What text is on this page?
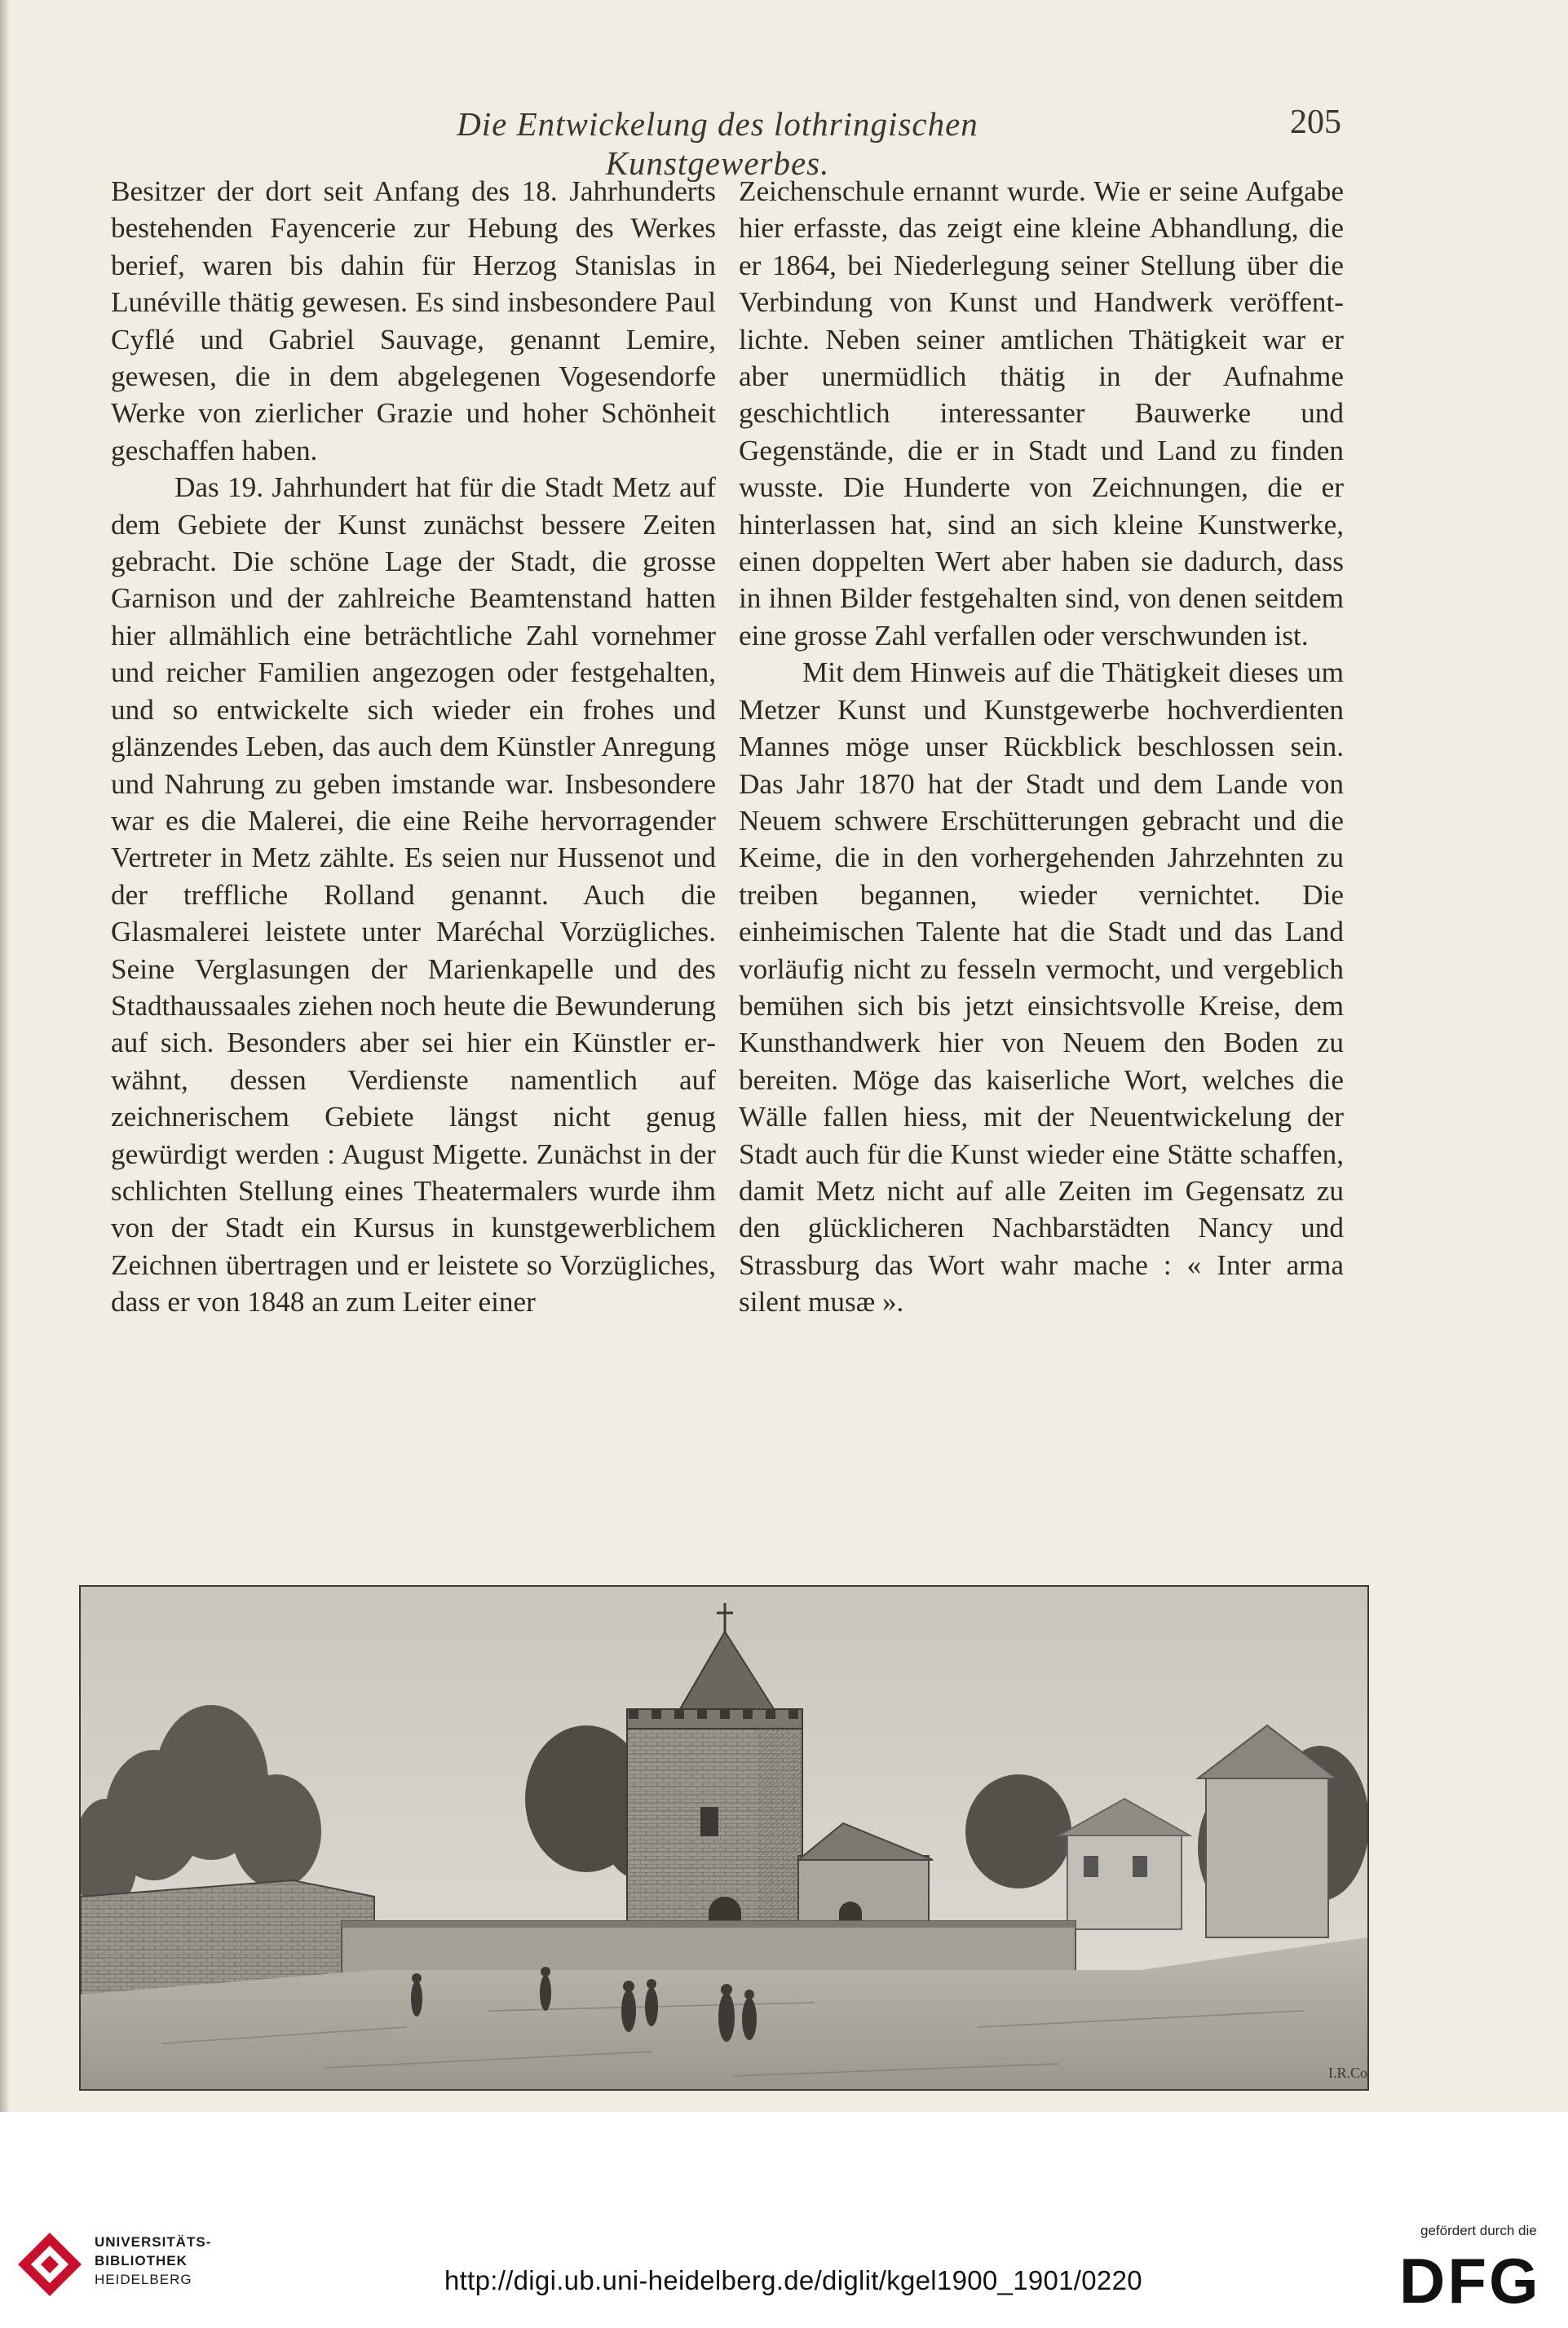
Die Entwickelung des lothringischen Kunstgewerbes.
205

Besitzer der dort seit Anfang des 18. Jahrhunderts bestehenden Fayencerie zur Hebung des Werkes berief, waren bis dahin für Herzog Stanislas in Lunéville thätig gewesen. Es sind insbesondere Paul Cyflé und Gabriel Sauvage, genannt Lemire, gewesen, die in dem abgelegenen Vogesendorfe Werke von zierlicher Grazie und hoher Schönheit geschaffen haben.

Das 19. Jahrhundert hat für die Stadt Metz auf dem Gebiete der Kunst zunächst bessere Zeiten gebracht. Die schöne Lage der Stadt, die grosse Garnison und der zahlreiche Beamtenstand hatten hier allmählich eine beträchtliche Zahl vornehmer und reicher Familien angezogen oder festgehalten, und so entwickelte sich wieder ein frohes und glänzendes Leben, das auch dem Künstler Anregung und Nahrung zu geben imstande war. Insbesondere war es die Malerei, die eine Reihe hervorragender Vertreter in Metz zählte. Es seien nur Hussenot und der treffliche Rolland genannt. Auch die Glasmalerei leistete unter Maréchal Vorzügliches. Seine Verglasungen der Marienkapelle und des Stadthaussaales ziehen noch heute die Bewunderung auf sich. Besonders aber sei hier ein Künstler erwähnt, dessen Verdienste namentlich auf zeichnerischem Gebiete längst nicht genug gewürdigt werden : August Migette. Zunächst in der schlichten Stellung eines Theatermalers wurde ihm von der Stadt ein Kursus in kunstgewerblichem Zeichnen übertragen und er leistete so Vorzügliches, dass er von 1848 an zum Leiter einer

Zeichenschule ernannt wurde. Wie er seine Aufgabe hier erfasste, das zeigt eine kleine Abhandlung, die er 1864, bei Niederlegung seiner Stellung über die Verbindung von Kunst und Handwerk veröffentlichte. Neben seiner amtlichen Thätigkeit war er aber unermüdlich thätig in der Aufnahme geschichtlich interessanter Bauwerke und Gegenstände, die er in Stadt und Land zu finden wusste. Die Hunderte von Zeichnungen, die er hinterlassen hat, sind an sich kleine Kunstwerke, einen doppelten Wert aber haben sie dadurch, dass in ihnen Bilder festgehalten sind, von denen seitdem eine grosse Zahl verfallen oder verschwunden ist.

Mit dem Hinweis auf die Thätigkeit dieses um Metzer Kunst und Kunstgewerbe hochverdienten Mannes möge unser Rückblick beschlossen sein. Das Jahr 1870 hat der Stadt und dem Lande von Neuem schwere Erschütterungen gebracht und die Keime, die in den vorhergehenden Jahrzehnten zu treiben begannen, wieder vernichtet. Die einheimischen Talente hat die Stadt und das Land vorläufig nicht zu fesseln vermocht, und vergeblich bemühen sich bis jetzt einsichtsvolle Kreise, dem Kunsthandwerk hier von Neuem den Boden zu bereiten. Möge das kaiserliche Wort, welches die Wälle fallen hiess, mit der Neuentwickelung der Stadt auch für die Kunst wieder eine Stätte schaffen, damit Metz nicht auf alle Zeiten im Gegensatz zu den glücklicheren Nachbarstädten Nancy und Strassburg das Wort wahr mache : « Inter arma silent musæ ».

I.R.Co
UNIVERSITÄTS-
BIBLIOTHEK
HEIDELBERG	http://digi.ub.uni-heidelberg.de/diglit/kgel1900_1901/0220
gefördert durch die
DFG
